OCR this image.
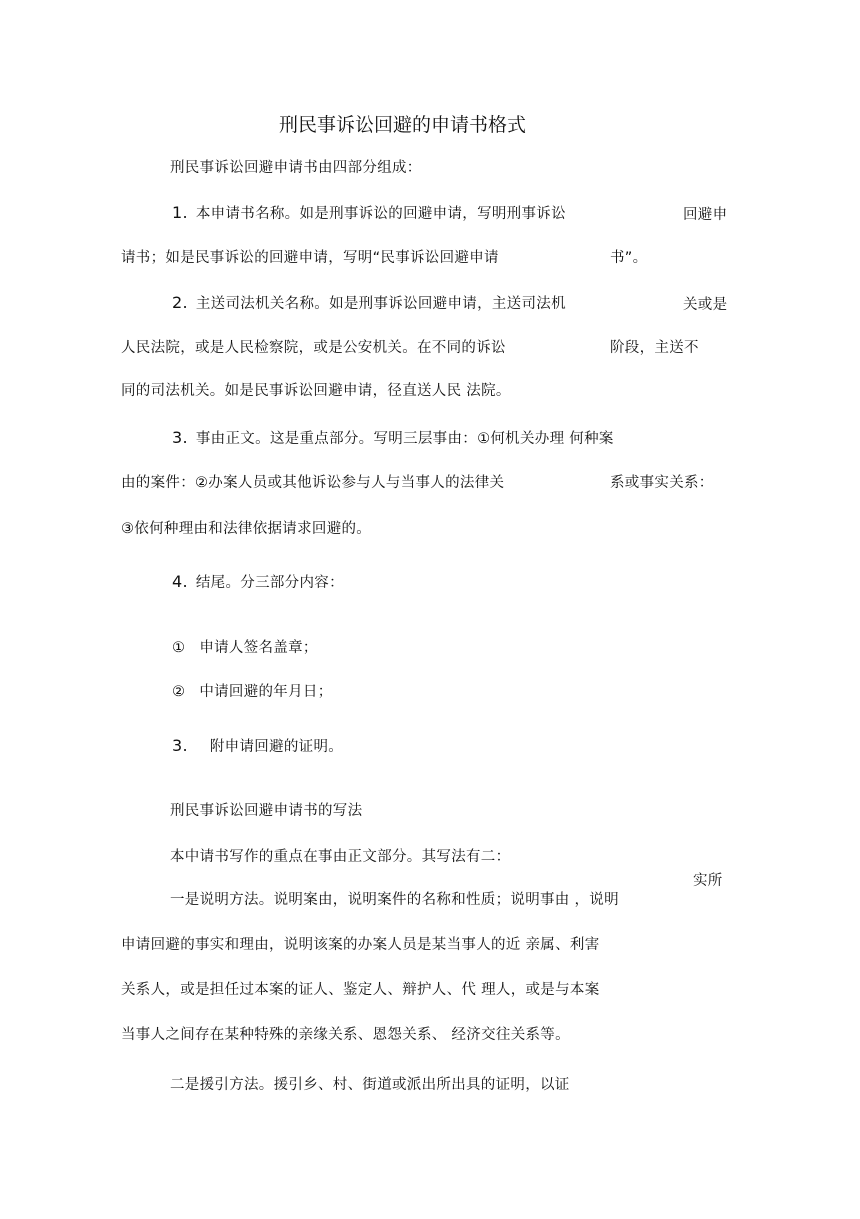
刑民事诉讼回避的申请书格式
刑民事诉讼回避申请书由四部分组成：
1. 本申请书名称。如是刑事诉讼的回避申请，写明刑事诉讼	回避申
请书；如是民事诉讼的回避申请，写明“民事诉讼回避申请	书”。
2. 主送司法机关名称。如是刑事诉讼回避申请，主送司法机	关或是
人民法院，或是人民检察院，或是公安机关。在不同的诉讼	阶段，主送不
同的司法机关。如是民事诉讼回避申请，径直送人民 法院。
3. 事由正文。这是重点部分。写明三层事由：①何机关办理 何种案
由的案件：②办案人员或其他诉讼参与人与当事人的法律关	系或事实关系：
③依何种理由和法律依据请求回避的。
4. 结尾。分三部分内容：
① 申请人签名盖章；
② 中请回避的年月日；
3. 附申请回避的证明。
刑民事诉讼回避申请书的写法
本中请书写作的重点在事由正文部分。其写法有二：
实所
一是说明方法。说明案由，说明案件的名称和性质；说明事由 ，说明
申请回避的事实和理由，说明该案的办案人员是某当事人的近 亲属、利害
关系人，或是担任过本案的证人、鉴定人、辩护人、代 理人，或是与本案
当事人之间存在某种特殊的亲缘关系、恩怨关系、 经济交往关系等。
二是援引方法。援引乡、村、街道或派出所出具的证明，以证
